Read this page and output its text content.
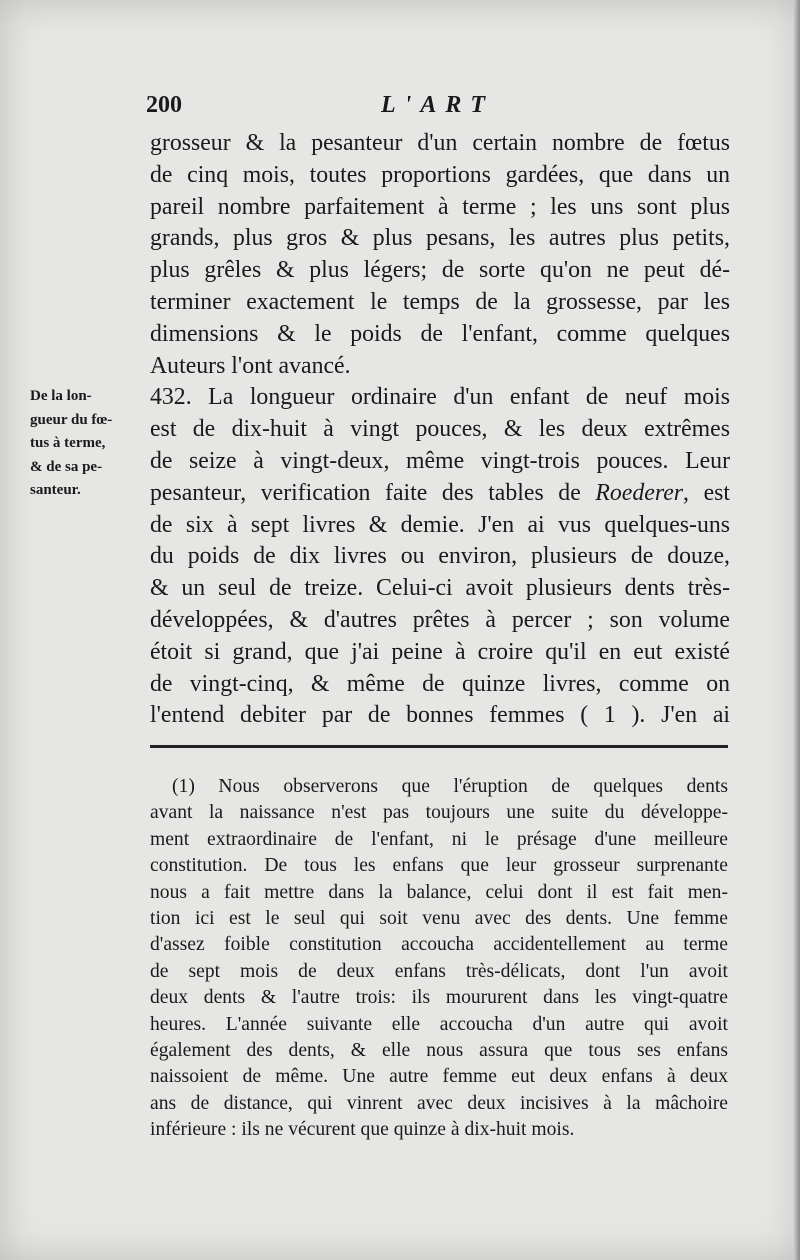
200	L'ART
grosseur & la pesanteur d'un certain nombre de fœtus
de cinq mois, toutes proportions gardées, que dans un
pareil nombre parfaitement à terme ; les uns sont plus
grands, plus gros & plus pesans, les autres plus petits,
plus grêles & plus légers; de sorte qu'on ne peut dé-
terminer exactement le temps de la grossesse, par les
dimensions & le poids de l'enfant, comme quelques
Auteurs l'ont avancé.
432. La longueur ordinaire d'un enfant de neuf mois
est de dix-huit à vingt pouces, & les deux extrêmes
de seize à vingt-deux, même vingt-trois pouces. Leur
pesanteur, verification faite des tables de Roederer, est
de six à sept livres & demie. J'en ai vus quelques-uns
du poids de dix livres ou environ, plusieurs de douze,
& un seul de treize. Celui-ci avoit plusieurs dents très-
développées, & d'autres prêtes à percer ; son volume
étoit si grand, que j'ai peine à croire qu'il en eut existé
de vingt-cinq, & même de quinze livres, comme on
l'entend debiter par de bonnes femmes ( 1 ). J'en ai
De la lon-
gueur du fœ-
tus à terme,
& de sa pe-
santeur.
(1) Nous observerons que l'éruption de quelques dents
avant la naissance n'est pas toujours une suite du développe-
ment extraordinaire de l'enfant, ni le présage d'une meilleure
constitution. De tous les enfans que leur grosseur surprenante
nous a fait mettre dans la balance, celui dont il est fait men-
tion ici est le seul qui soit venu avec des dents. Une femme
d'assez foible constitution accoucha accidentellement au terme
de sept mois de deux enfans très-délicats, dont l'un avoit
deux dents & l'autre trois: ils moururent dans les vingt-quatre
heures. L'année suivante elle accoucha d'un autre qui avoit
également des dents, & elle nous assura que tous ses enfans
naissoient de même. Une autre femme eut deux enfans à deux
ans de distance, qui vinrent avec deux incisives à la mâchoire
inférieure : ils ne vécurent que quinze à dix-huit mois.
